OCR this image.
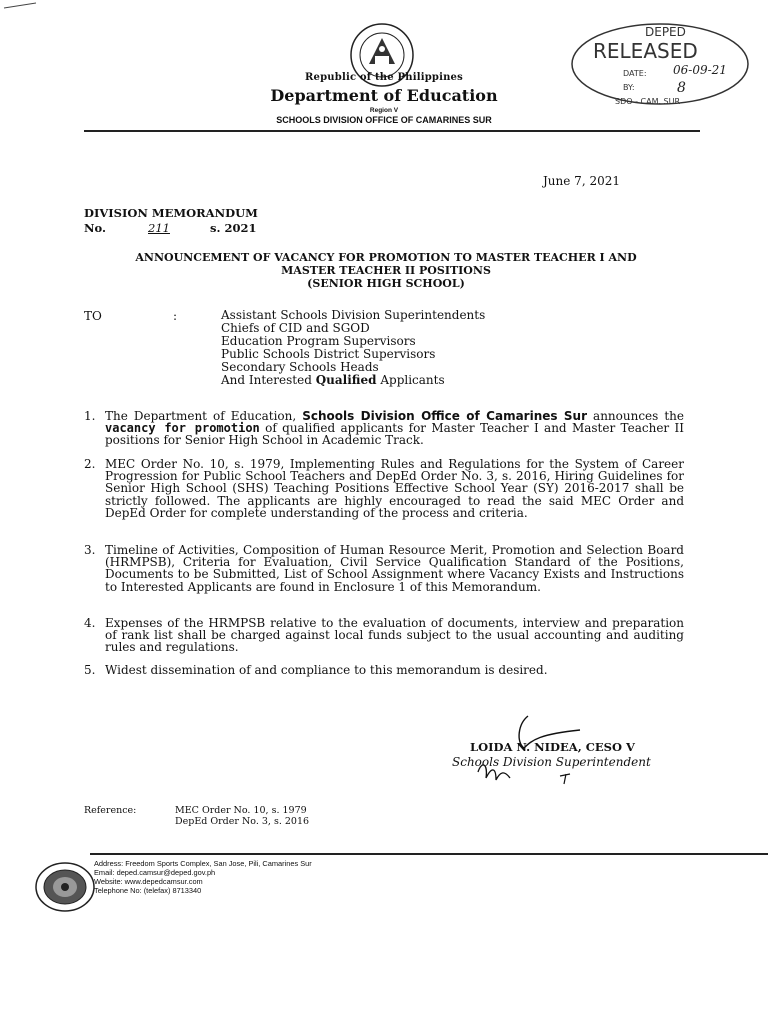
DEPED
RELEASED
DATE: 06-09-21
BY:	8
SDO - CAM. SUR
Republic of the Philippines
Department of Education
Region V
SCHOOLS DIVISION OFFICE OF CAMARINES SUR
June 7, 2021
DIVISION MEMORANDUM
No.	211	s. 2021
ANNOUNCEMENT OF VACANCY FOR PROMOTION TO MASTER TEACHER I AND
MASTER TEACHER II POSITIONS
(SENIOR HIGH SCHOOL)
TO	:	Assistant Schools Division Superintendents
Chiefs of CID and SGOD
Education Program Supervisors
Public Schools District Supervisors
Secondary Schools Heads
And Interested Qualified Applicants
1. The Department of Education, Schools Division Office of Camarines Sur announces the vacancy for promotion of qualified applicants for Master Teacher I and Master Teacher II positions for Senior High School in Academic Track.
2. MEC Order No. 10, s. 1979, Implementing Rules and Regulations for the System of Career Progression for Public School Teachers and DepEd Order No. 3, s. 2016, Hiring Guidelines for Senior High School (SHS) Teaching Positions Effective School Year (SY) 2016-2017 shall be strictly followed. The applicants are highly encouraged to read the said MEC Order and DepEd Order for complete understanding of the process and criteria.
3. Timeline of Activities, Composition of Human Resource Merit, Promotion and Selection Board (HRMPSB), Criteria for Evaluation, Civil Service Qualification Standard of the Positions, Documents to be Submitted, List of School Assignment where Vacancy Exists and Instructions to Interested Applicants are found in Enclosure 1 of this Memorandum.
4. Expenses of the HRMPSB relative to the evaluation of documents, interview and preparation of rank list shall be charged against local funds subject to the usual accounting and auditing rules and regulations.
5. Widest dissemination of and compliance to this memorandum is desired.
LOIDA N. NIDEA, CESO V
Schools Division Superintendent
Reference:	MEC Order No. 10, s. 1979
DepEd Order No. 3, s. 2016
Address: Freedom Sports Complex, San Jose, Pili, Camarines Sur
Email: deped.camsur@deped.gov.ph
Website: www.depedcamsur.com
Telephone No: (telefax) 8713340
